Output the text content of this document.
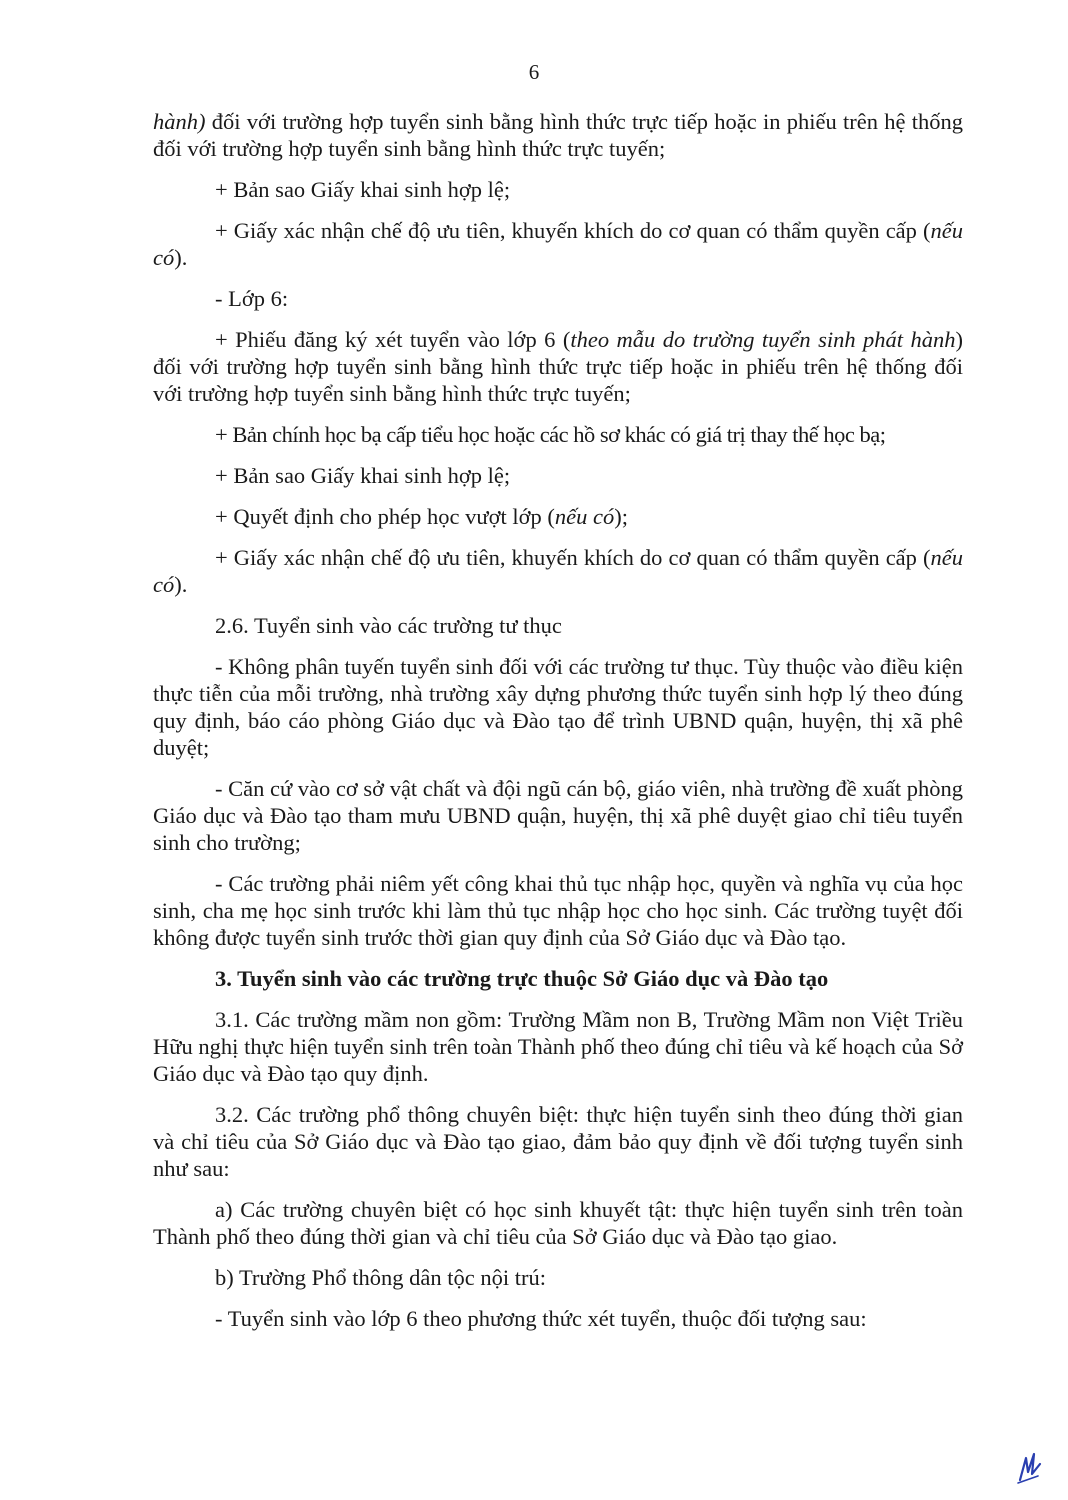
6

hành) đối với trường hợp tuyển sinh bằng hình thức trực tiếp hoặc in phiếu trên hệ thống đối với trường hợp tuyển sinh bằng hình thức trực tuyến;

+ Bản sao Giấy khai sinh hợp lệ;

+ Giấy xác nhận chế độ ưu tiên, khuyến khích do cơ quan có thẩm quyền cấp (nếu có).

- Lớp 6:

+ Phiếu đăng ký xét tuyển vào lớp 6 (theo mẫu do trường tuyển sinh phát hành) đối với trường hợp tuyển sinh bằng hình thức trực tiếp hoặc in phiếu trên hệ thống đối với trường hợp tuyển sinh bằng hình thức trực tuyến;

+ Bản chính học bạ cấp tiểu học hoặc các hồ sơ khác có giá trị thay thế học bạ;

+ Bản sao Giấy khai sinh hợp lệ;

+ Quyết định cho phép học vượt lớp (nếu có);

+ Giấy xác nhận chế độ ưu tiên, khuyến khích do cơ quan có thẩm quyền cấp (nếu có).

2.6. Tuyển sinh vào các trường tư thục

- Không phân tuyến tuyển sinh đối với các trường tư thục. Tùy thuộc vào điều kiện thực tiễn của mỗi trường, nhà trường xây dựng phương thức tuyển sinh hợp lý theo đúng quy định, báo cáo phòng Giáo dục và Đào tạo để trình UBND quận, huyện, thị xã phê duyệt;

- Căn cứ vào cơ sở vật chất và đội ngũ cán bộ, giáo viên, nhà trường đề xuất phòng Giáo dục và Đào tạo tham mưu UBND quận, huyện, thị xã phê duyệt giao chỉ tiêu tuyển sinh cho trường;

- Các trường phải niêm yết công khai thủ tục nhập học, quyền và nghĩa vụ của học sinh, cha mẹ học sinh trước khi làm thủ tục nhập học cho học sinh. Các trường tuyệt đối không được tuyển sinh trước thời gian quy định của Sở Giáo dục và Đào tạo.

3. Tuyển sinh vào các trường trực thuộc Sở Giáo dục và Đào tạo

3.1. Các trường mầm non gồm: Trường Mầm non B, Trường Mầm non Việt Triều Hữu nghị thực hiện tuyển sinh trên toàn Thành phố theo đúng chỉ tiêu và kế hoạch của Sở Giáo dục và Đào tạo quy định.

3.2. Các trường phổ thông chuyên biệt: thực hiện tuyển sinh theo đúng thời gian và chỉ tiêu của Sở Giáo dục và Đào tạo giao, đảm bảo quy định về đối tượng tuyển sinh như sau:

a) Các trường chuyên biệt có học sinh khuyết tật: thực hiện tuyển sinh trên toàn Thành phố theo đúng thời gian và chỉ tiêu của Sở Giáo dục và Đào tạo giao.

b) Trường Phổ thông dân tộc nội trú:

- Tuyển sinh vào lớp 6 theo phương thức xét tuyển, thuộc đối tượng sau:
